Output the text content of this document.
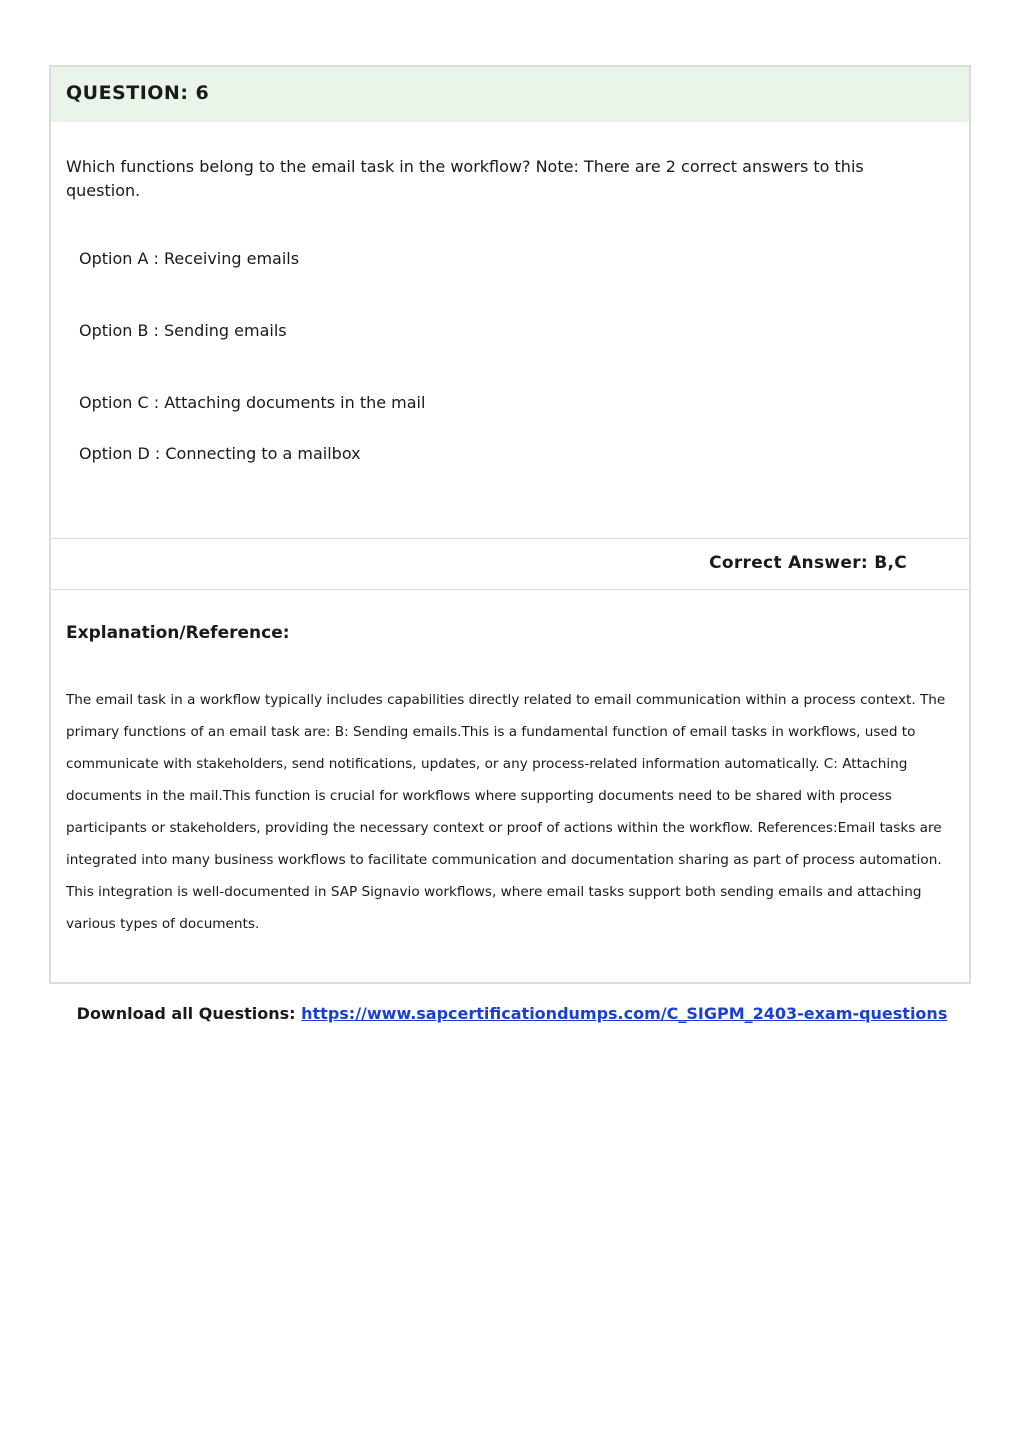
QUESTION: 6
Which functions belong to the email task in the workflow? Note: There are 2 correct answers to this question.
Option A : Receiving emails
Option B : Sending emails
Option C : Attaching documents in the mail
Option D : Connecting to a mailbox
Correct Answer: B,C
Explanation/Reference:
The email task in a workflow typically includes capabilities directly related to email communication within a process context. The primary functions of an email task are: B: Sending emails.This is a fundamental function of email tasks in workflows, used to communicate with stakeholders, send notifications, updates, or any process-related information automatically. C: Attaching documents in the mail.This function is crucial for workflows where supporting documents need to be shared with process participants or stakeholders, providing the necessary context or proof of actions within the workflow. References:Email tasks are integrated into many business workflows to facilitate communication and documentation sharing as part of process automation. This integration is well-documented in SAP Signavio workflows, where email tasks support both sending emails and attaching various types of documents.
Download all Questions: https://www.sapcertificationdumps.com/C_SIGPM_2403-exam-questions
